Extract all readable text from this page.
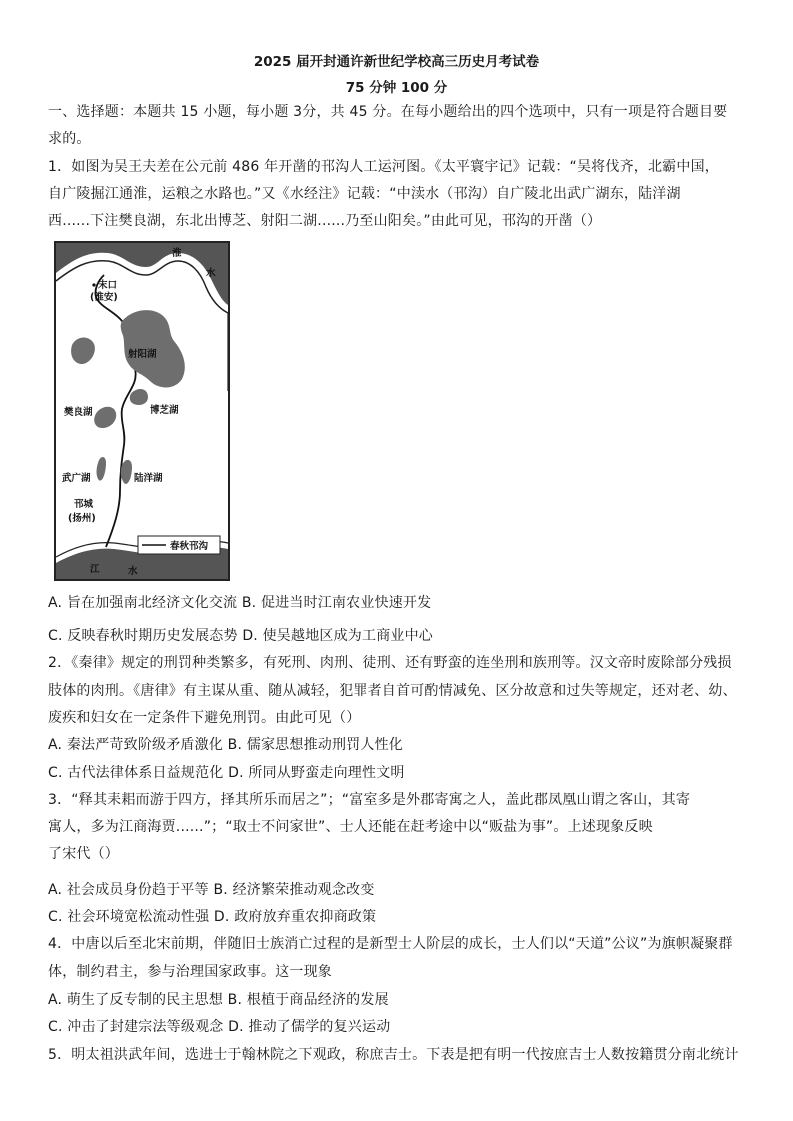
2025 届开封通许新世纪学校高三历史月考试卷
75 分钟 100 分
一、选择题：本题共 15 小题，每小题 3分，共 45 分。在每小题给出的四个选项中，只有一项是符合题目要
求的。
1．如图为吴王夫差在公元前 486 年开凿的邗沟人工运河图。《太平寰宇记》记载：“吴将伐齐，北霸中国，
自广陵掘江通淮，运粮之水路也。”又《水经注》记载：“中渎水（邗沟）自广陵北出武广湖东，陆洋湖
西......下注樊良湖，东北出博芝、射阳二湖......乃至山阳矣。”由此可见，邗沟的开凿（）
淮
水
末口
(淮安)
射阳湖
樊良湖	博芝湖
武广湖	陆洋湖
邗城
(扬州)
春秋邗沟
江	水
A. 旨在加强南北经济文化交流 B. 促进当时江南农业快速开发
C. 反映春秋时期历史发展态势 D. 使吴越地区成为工商业中心
2．《秦律》规定的刑罚种类繁多，有死刑、肉刑、徒刑、还有野蛮的连坐刑和族刑等。汉文帝时废除部分残损
肢体的肉刑。《唐律》有主谋从重、随从减轻，犯罪者自首可酌情减免、区分故意和过失等规定，还对老、幼、
废疾和妇女在一定条件下避免刑罚。由此可见（）
A. 秦法严苛致阶级矛盾激化 B. 儒家思想推动刑罚人性化
C. 古代法律体系日益规范化 D. 所同从野蛮走向理性文明
3．“释其耒耜而游于四方，择其所乐而居之”；“富室多是外郡寄寓之人，盖此郡凤凰山谓之客山，其寄
寓人，多为江商海贾......”；“取士不问家世”、士人还能在赶考途中以“贩盐为事”。上述现象反映
了宋代（）
A. 社会成员身份趋于平等 B. 经济繁荣推动观念改变
C. 社会环境宽松流动性强 D. 政府放弃重农抑商政策
4．中唐以后至北宋前期，伴随旧士族消亡过程的是新型士人阶层的成长，士人们以“天道”公议”为旗帜凝聚群
体，制约君主，参与治理国家政事。这一现象
A. 萌生了反专制的民主思想 B. 根植于商品经济的发展
C. 冲击了封建宗法等级观念 D. 推动了儒学的复兴运动
5．明太祖洪武年间，选进士于翰林院之下观政，称庶吉士。下表是把有明一代按庶吉士人数按籍贯分南北统计
